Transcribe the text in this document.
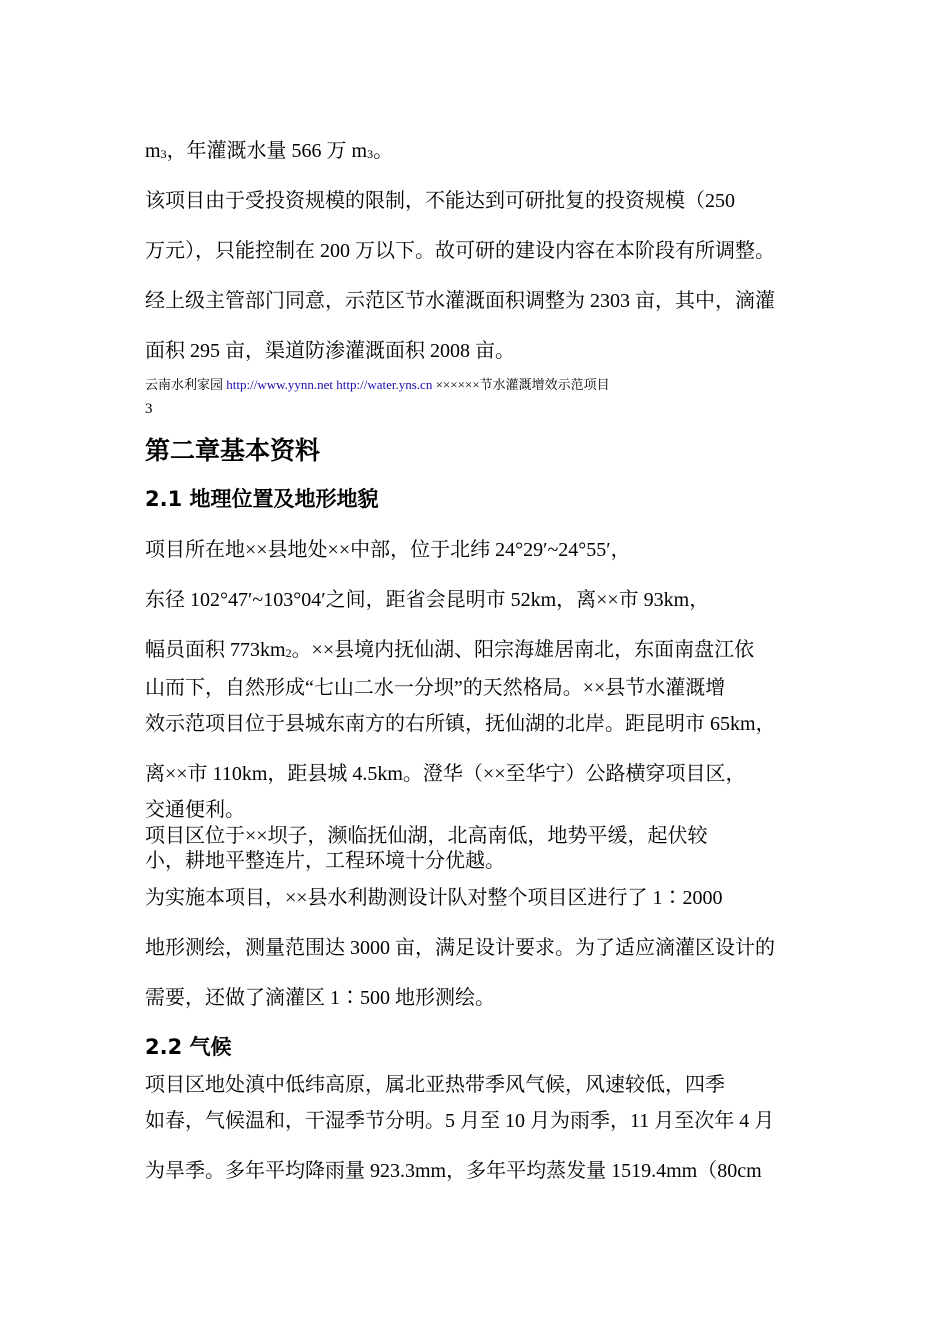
$m_3$，年灌溉水量 566 万 $m_3$。
该项目由于受投资规模的限制，不能达到可研批复的投资规模（250
万元），只能控制在 200 万以下。故可研的建设内容在本阶段有所调整。
经上级主管部门同意，示范区节水灌溉面积调整为 2303 亩，其中，滴灌
面积 295 亩，渠道防渗灌溉面积 2008 亩。
云南水利家园 http://www.yynn.net http://water.yns.cn ××××××节水灌溉增效示范项目
3
第二章基本资料
2.1 地理位置及地形地貌
项目所在地××县地处××中部，位于北纬 24°29′~24°55′，
东径 102°47′~103°04′之间，距省会昆明市 52km，离××市 93km，
幅员面积 $773km_2$。××县境内抚仙湖、阳宗海雄居南北，东面南盘江依
山而下，自然形成“七山二水一分坝”的天然格局。××县节水灌溉增
效示范项目位于县城东南方的右所镇，抚仙湖的北岸。距昆明市 65km，
离××市 110km，距县城 4.5km。澄华（××至华宁）公路横穿项目区，
交通便利。
项目区位于××坝子，濒临抚仙湖，北高南低，地势平缓，起伏较
小，耕地平整连片，工程环境十分优越。
为实施本项目，××县水利勘测设计队对整个项目区进行了 1∶2000
地形测绘，测量范围达 3000 亩，满足设计要求。为了适应滴灌区设计的
需要，还做了滴灌区 1∶500 地形测绘。
2.2 气候
项目区地处滇中低纬高原，属北亚热带季风气候，风速较低，四季
如春，气候温和，干湿季节分明。5 月至 10 月为雨季，11 月至次年 4 月
为旱季。多年平均降雨量 923.3mm，多年平均蒸发量 1519.4mm（80cm
